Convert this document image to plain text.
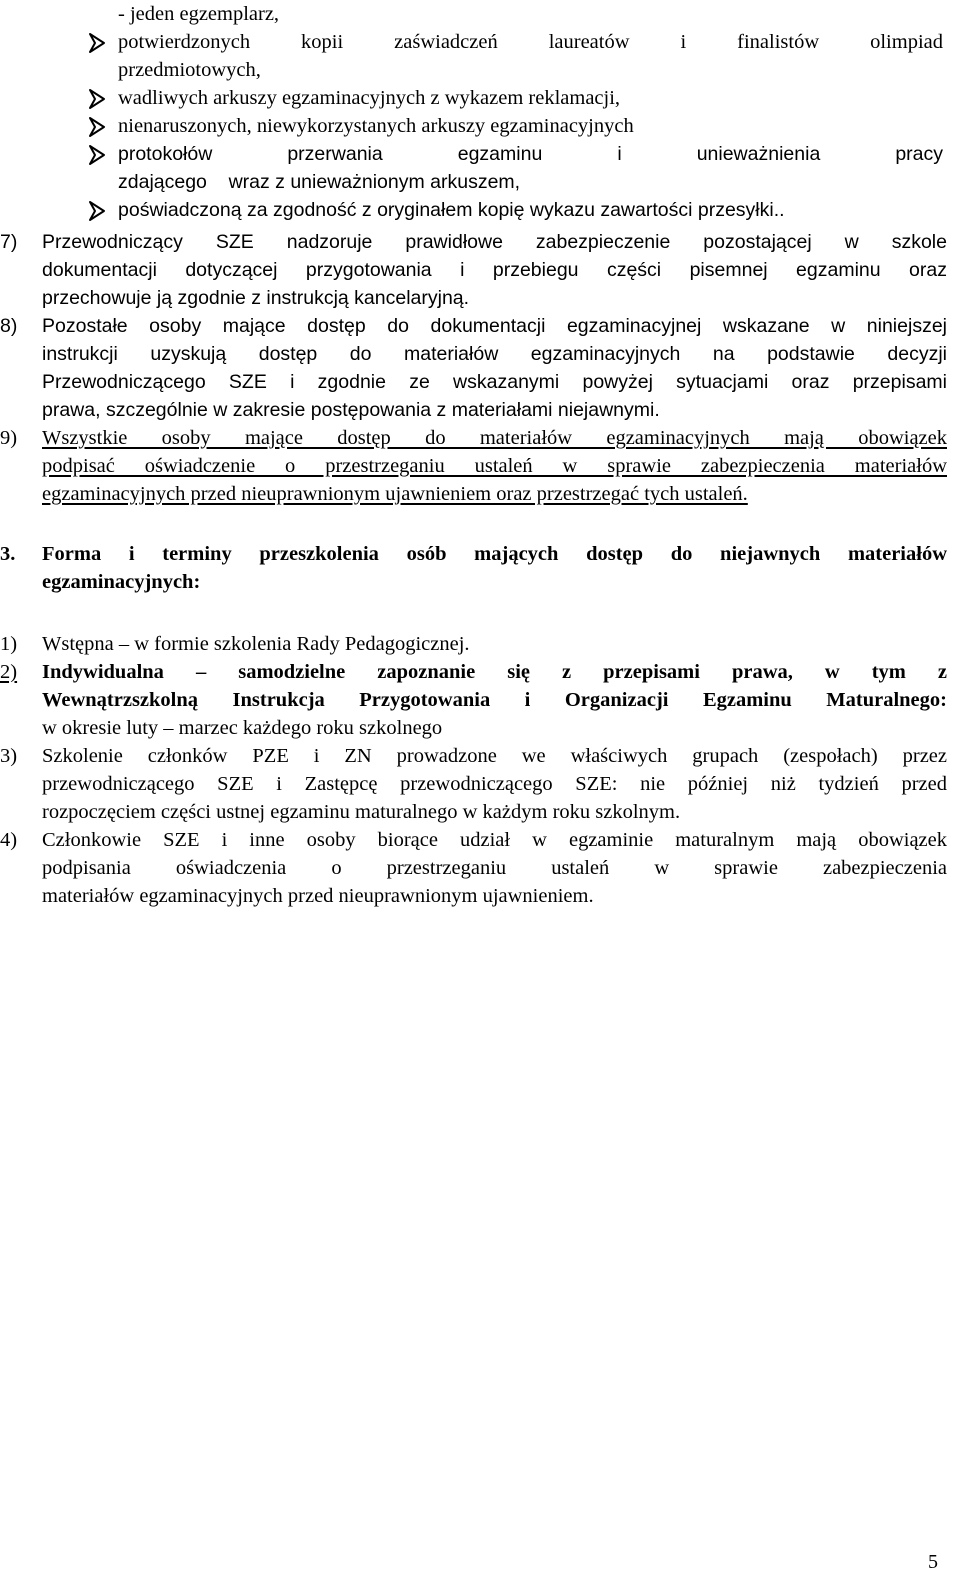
- jeden egzemplarz,
potwierdzonych kopii zaświadczeń laureatów i finalistów olimpiad
przedmiotowych,
wadliwych arkuszy egzaminacyjnych z wykazem reklamacji,
nienaruszonych, niewykorzystanych arkuszy egzaminacyjnych
protokołów przerwania egzaminu i unieważnienia pracy
zdającego    wraz z unieważnionym arkuszem,
poświadczoną za zgodność z oryginałem kopię wykazu zawartości przesyłki..
7) Przewodniczący SZE nadzoruje prawidłowe zabezpieczenie pozostającej w szkole
dokumentacji dotyczącej przygotowania i przebiegu części pisemnej egzaminu oraz
przechowuje ją zgodnie z instrukcją kancelaryjną.
8) Pozostałe osoby mające dostęp do dokumentacji egzaminacyjnej wskazane w niniejszej
instrukcji uzyskują dostęp do materiałów egzaminacyjnych na podstawie decyzji
Przewodniczącego SZE i zgodnie ze wskazanymi powyżej sytuacjami oraz przepisami
prawa, szczególnie w zakresie postępowania z materiałami niejawnymi.
9) Wszystkie osoby mające dostęp do materiałów egzaminacyjnych mają obowiązek
podpisać oświadczenie o przestrzeganiu ustaleń w sprawie zabezpieczenia materiałów
egzaminacyjnych przed nieuprawnionym ujawnieniem oraz przestrzegać tych ustaleń.
3. Forma i terminy przeszkolenia osób mających dostęp do niejawnych materiałów
egzaminacyjnych:
1) Wstępna – w formie szkolenia Rady Pedagogicznej.
2) Indywidualna – samodzielne zapoznanie się z przepisami prawa, w tym z
Wewnątrzszkolną Instrukcja Przygotowania i Organizacji Egzaminu Maturalnego:
w okresie luty – marzec każdego roku szkolnego
3) Szkolenie członków PZE i ZN prowadzone we właściwych grupach (zespołach) przez
przewodniczącego SZE i Zastępcę przewodniczącego SZE: nie później niż tydzień przed
rozpoczęciem części ustnej egzaminu maturalnego w każdym roku szkolnym.
4) Członkowie SZE i inne osoby biorące udział w egzaminie maturalnym mają obowiązek
podpisania oświadczenia o przestrzeganiu ustaleń w sprawie zabezpieczenia
materiałów egzaminacyjnych przed nieuprawnionym ujawnieniem.
5
